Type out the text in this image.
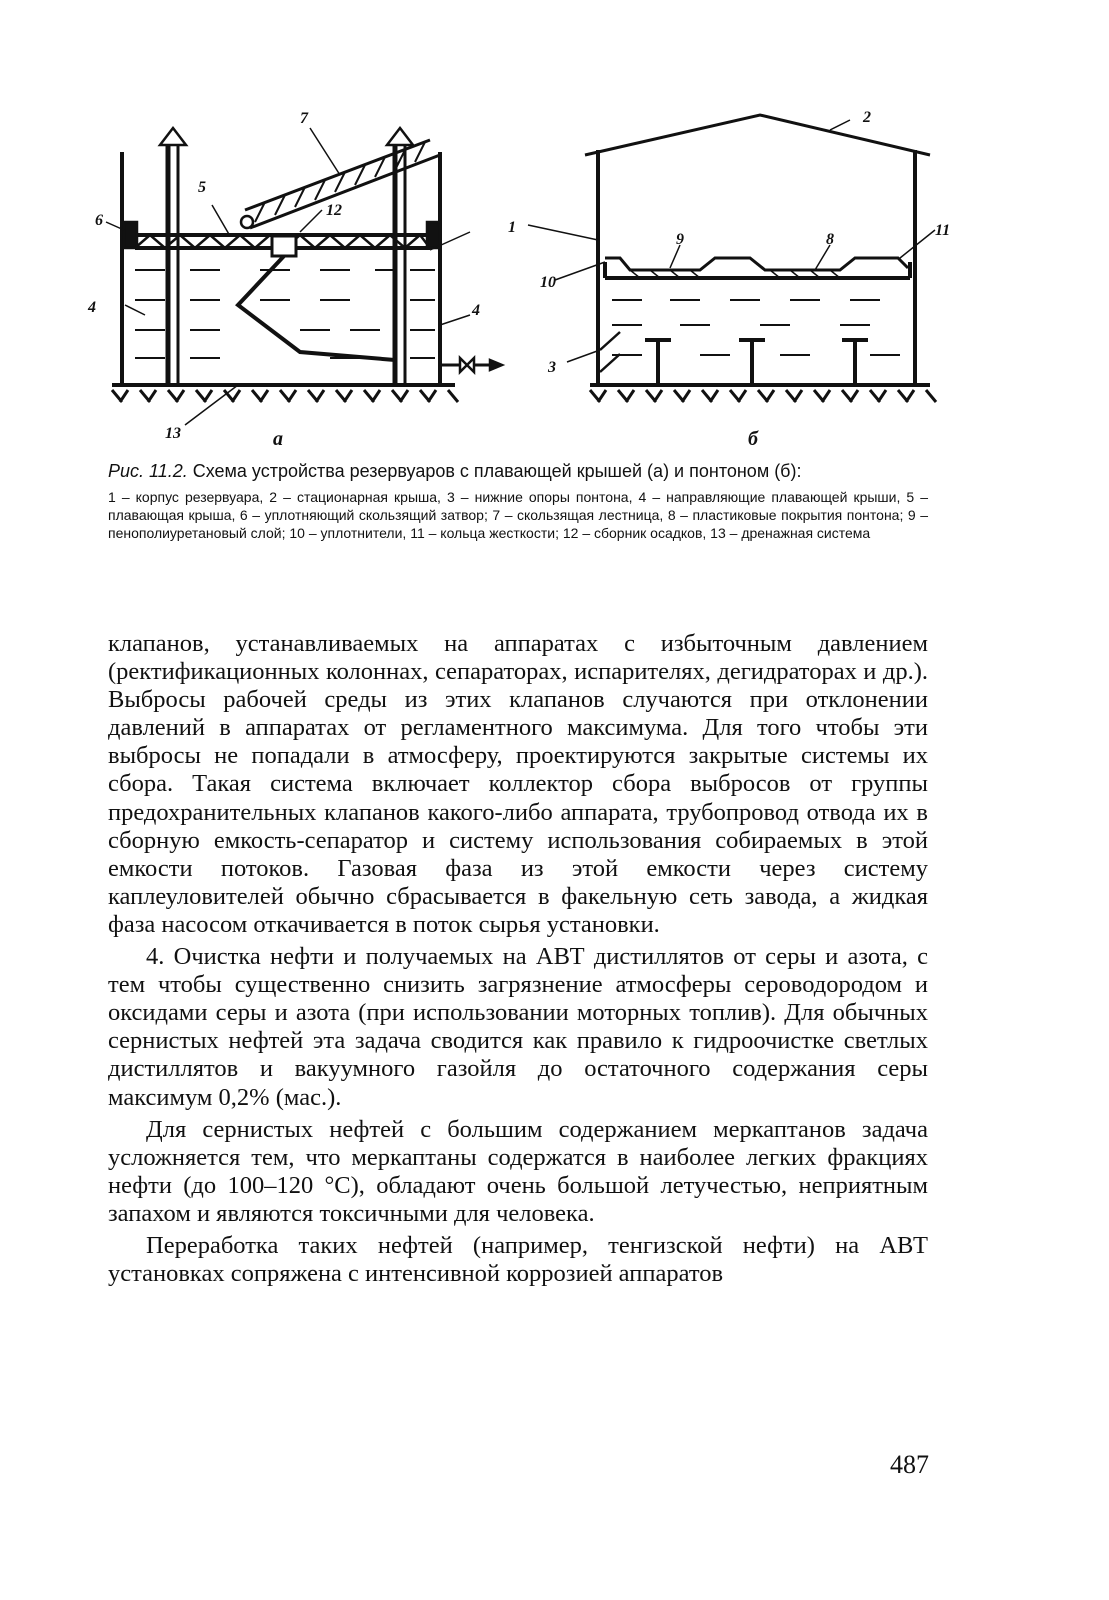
6
5
7
12
1
4	4
13
2
9	8
11
10
3
а	б
Рис. 11.2. Схема устройства резервуаров с плавающей крышей (а) и понтоном (б):
1 – корпус резервуара, 2 – стационарная крыша, 3 – нижние опоры понтона, 4 – направляющие плавающей крыши, 5 – плавающая крыша, 6 – уплотняющий скользящий затвор; 7 – скользящая лестница, 8 – пластиковые покрытия понтона; 9 – пенополиуретановый слой; 10 – уплотнители, 11 – кольца жесткости; 12 – сборник осадков, 13 – дренажная система

клапанов, устанавливаемых на аппаратах с избыточным давлением (ректификационных колоннах, сепараторах, испарителях, дегидраторах и др.). Выбросы рабочей среды из этих клапанов случаются при отклонении давлений в аппаратах от регламентного максимума. Для того чтобы эти выбросы не попадали в атмосферу, проектируются закрытые системы их сбора. Такая система включает коллектор сбора выбросов от группы предохранительных клапанов какого-либо аппарата, трубопровод отвода их в сборную емкость-сепаратор и систему использования собираемых в этой емкости потоков. Газовая фаза из этой емкости через систему каплеуловителей обычно сбрасывается в факельную сеть завода, а жидкая фаза насосом откачивается в поток сырья установки.

4. Очистка нефти и получаемых на АВТ дистиллятов от серы и азота, с тем чтобы существенно снизить загрязнение атмосферы сероводородом и оксидами серы и азота (при использовании моторных топлив). Для обычных сернистых нефтей эта задача сводится как правило к гидроочистке светлых дистиллятов и вакуумного газойля до остаточного содержания серы максимум 0,2% (мас.).

Для сернистых нефтей с большим содержанием меркаптанов задача усложняется тем, что меркаптаны содержатся в наиболее легких фракциях нефти (до 100–120 °С), обладают очень большой летучестью, неприятным запахом и являются токсичными для человека.

Переработка таких нефтей (например, тенгизской нефти) на АВТ установках сопряжена с интенсивной коррозией аппаратов

487
